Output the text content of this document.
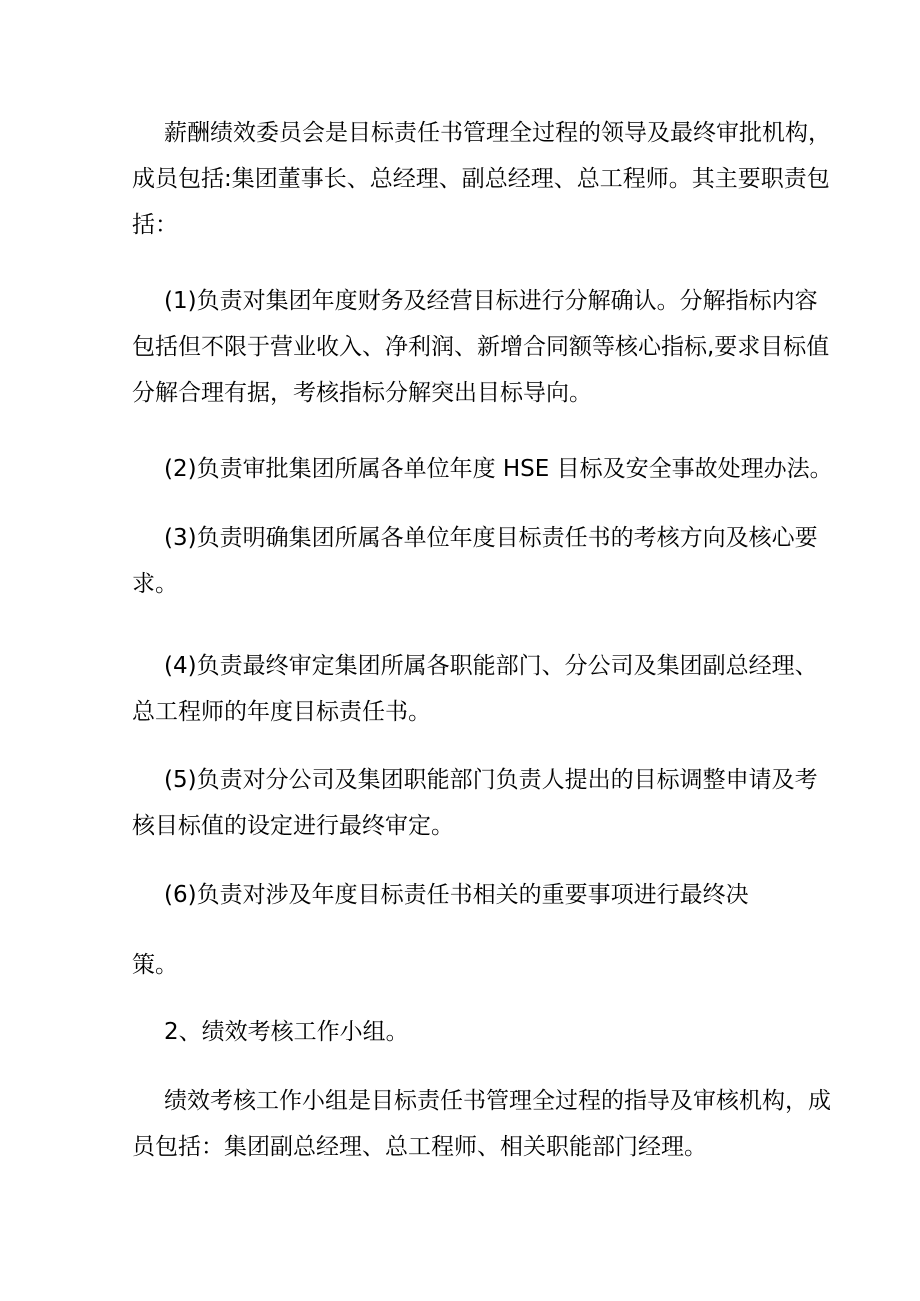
薪酬绩效委员会是目标责任书管理全过程的领导及最终审批机构，
成员包括:集团董事长、总经理、副总经理、总工程师。其主要职责包
括：

(1)负责对集团年度财务及经营目标进行分解确认。分解指标内容
包括但不限于营业收入、净利润、新增合同额等核心指标,要求目标值
分解合理有据，考核指标分解突出目标导向。

(2)负责审批集团所属各单位年度 HSE 目标及安全事故处理办法。

(3)负责明确集团所属各单位年度目标责任书的考核方向及核心要
求。

(4)负责最终审定集团所属各职能部门、分公司及集团副总经理、
总工程师的年度目标责任书。

(5)负责对分公司及集团职能部门负责人提出的目标调整申请及考
核目标值的设定进行最终审定。

(6)负责对涉及年度目标责任书相关的重要事项进行最终决
策。

2、绩效考核工作小组。

绩效考核工作小组是目标责任书管理全过程的指导及审核机构，成
员包括：集团副总经理、总工程师、相关职能部门经理。
